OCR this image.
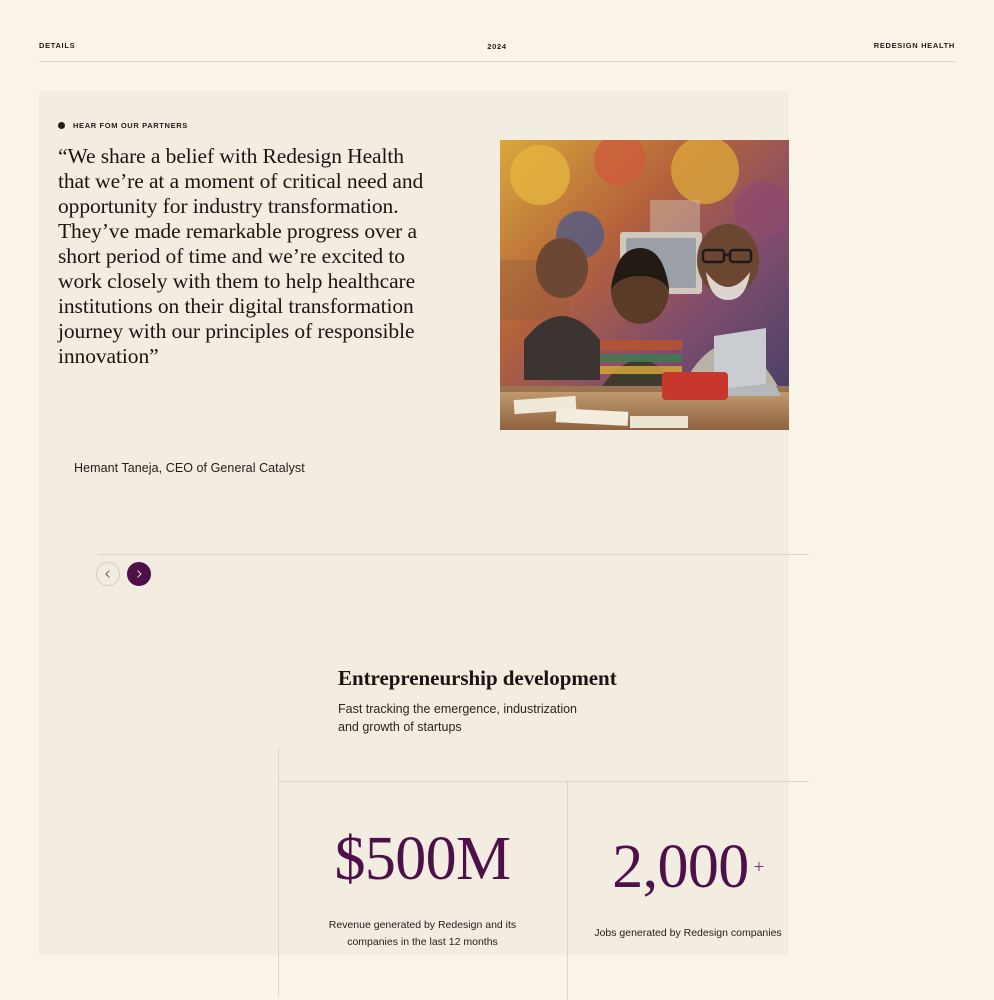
DETAILS	2024	REDESIGN HEALTH
HEAR FOM OUR PARTNERS

“We share a belief with Redesign Health that we’re at a moment of critical need and opportunity for industry transformation. They’ve made remarkable progress over a short period of time and we’re excited to work closely with them to help healthcare institutions on their digital transformation journey with our principles of responsible innovation”

Hemant Taneja, CEO of General Catalyst
Entrepreneurship development

Fast tracking the emergence, industrization and growth of startups

$500M
Revenue generated by Redesign and its companies in the last 12 months
2,000 +
Jobs generated by Redesign companies
